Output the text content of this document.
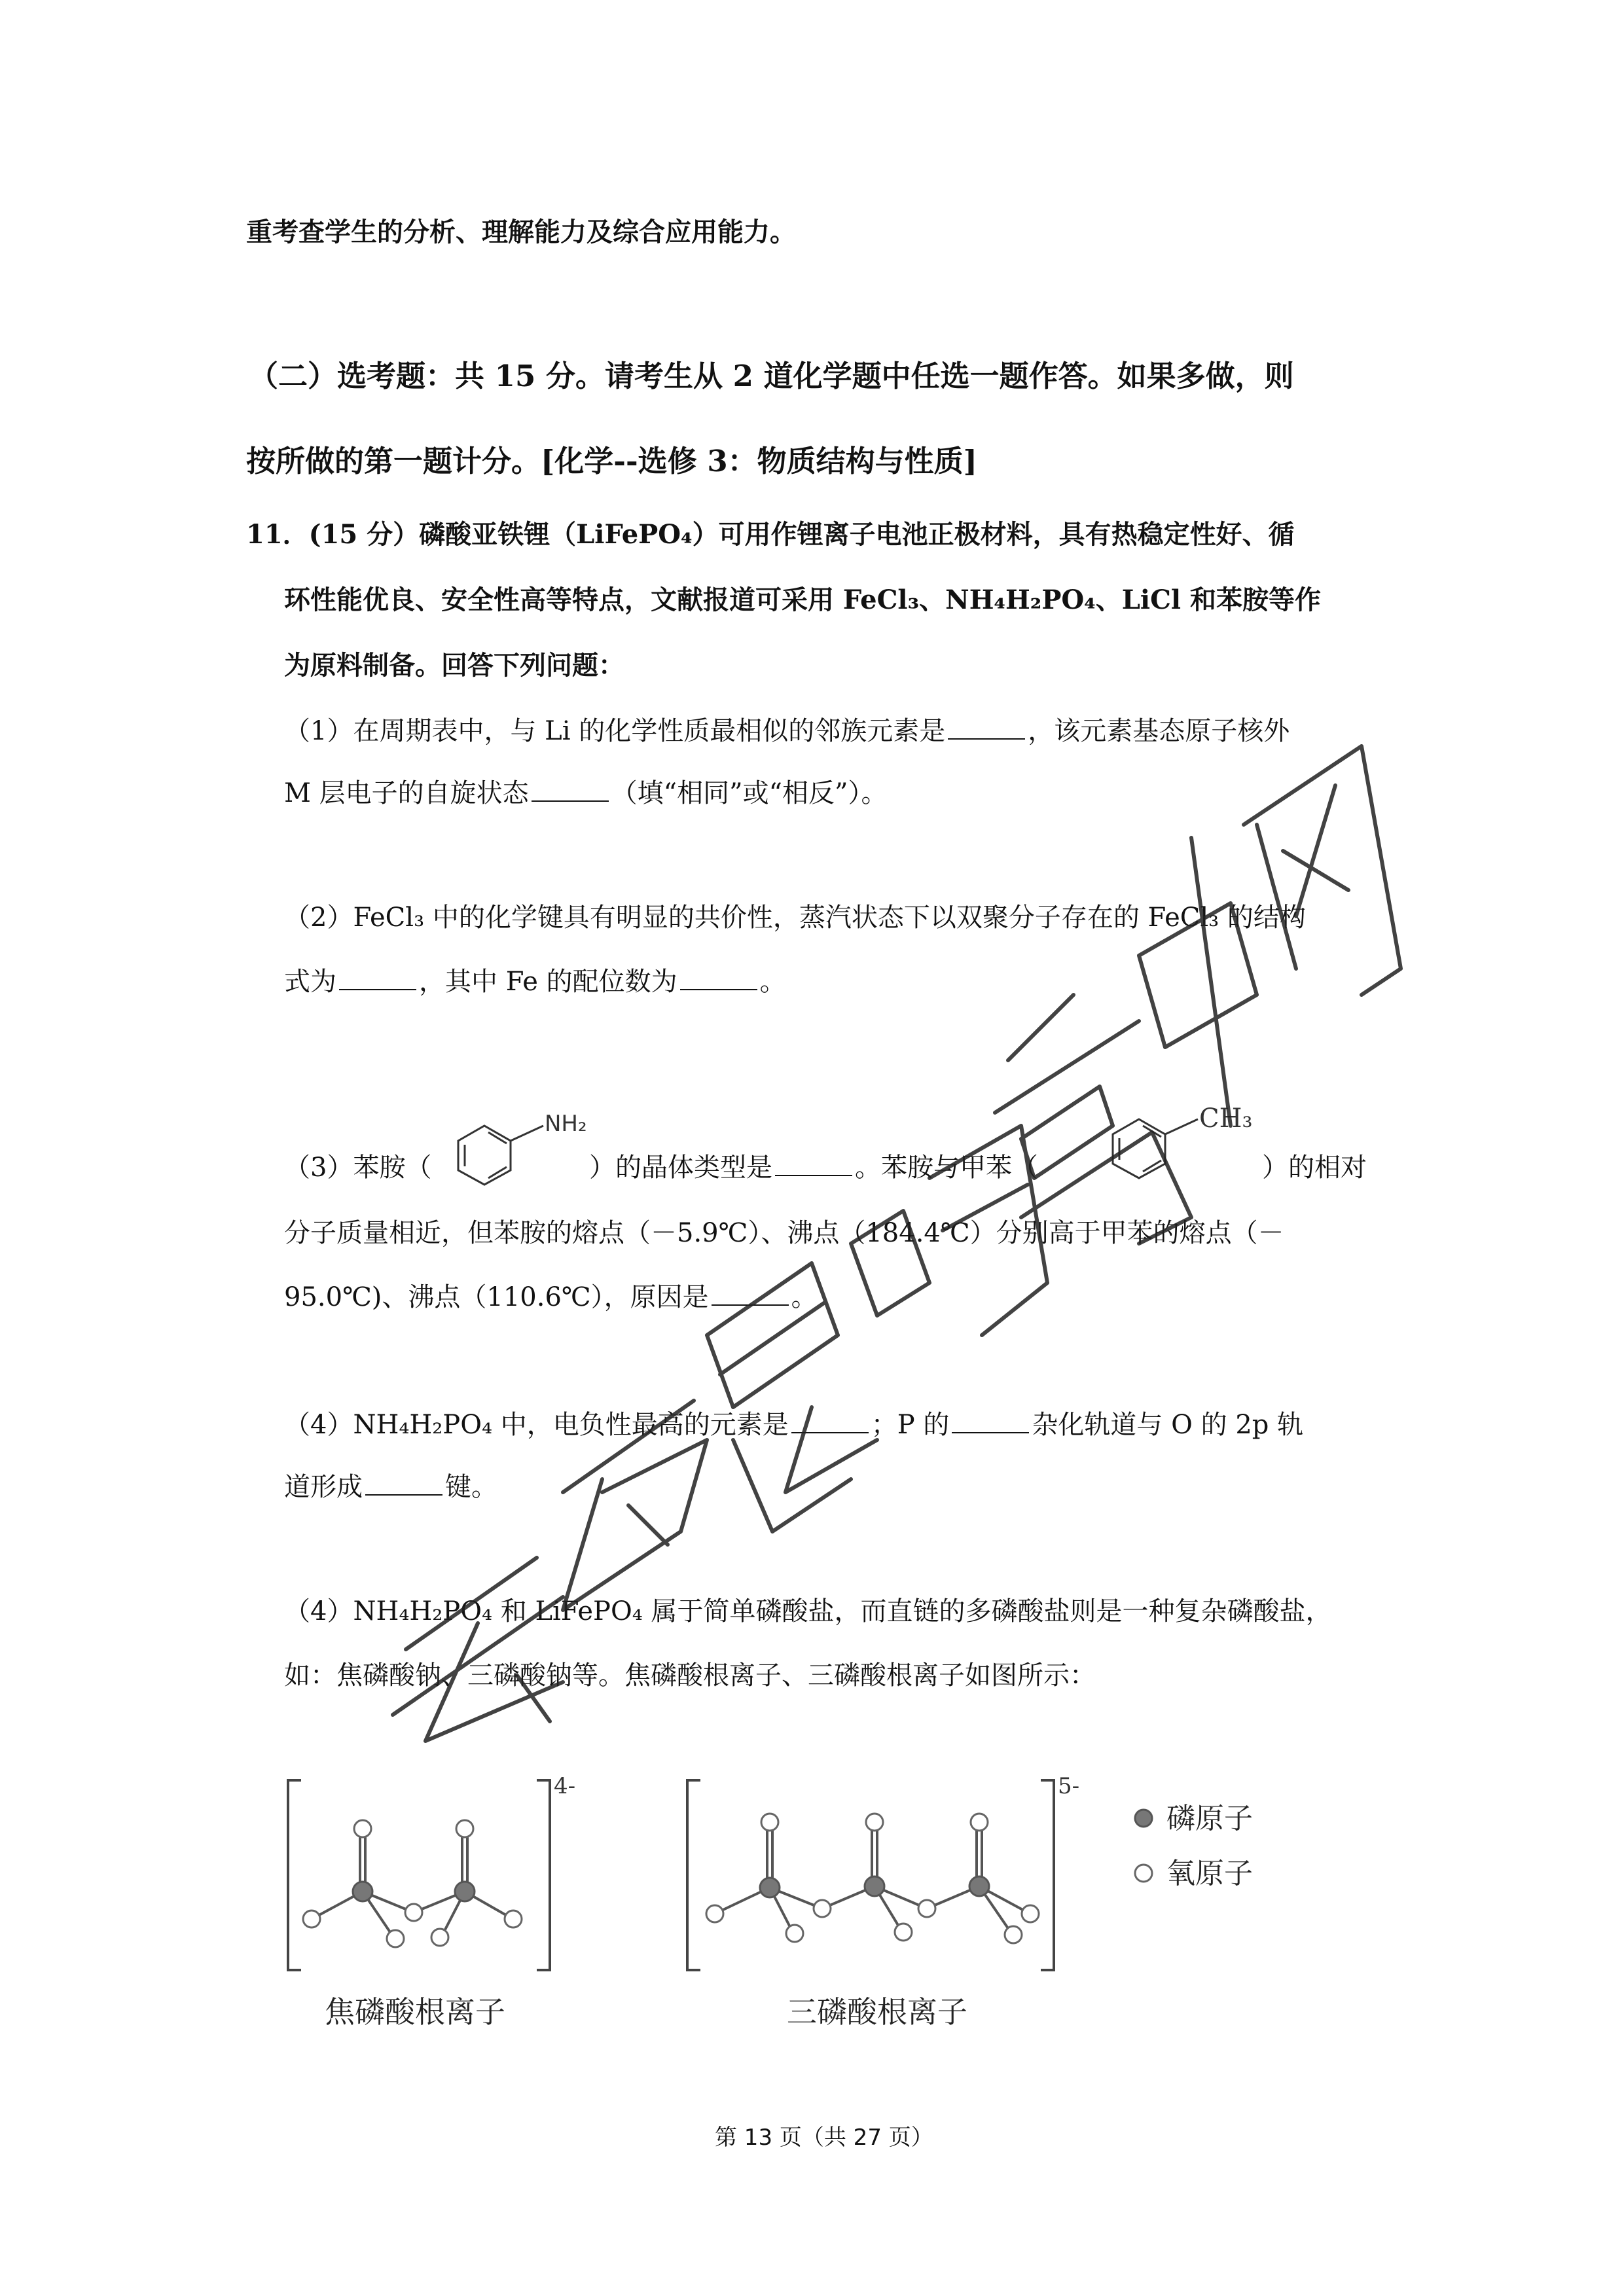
重考查学生的分析、理解能力及综合应用能力。
（二）选考题：共 15 分。请考生从 2 道化学题中任选一题作答。如果多做，则
按所做的第一题计分。[化学--选修 3：物质结构与性质]
11．(15 分）磷酸亚铁锂（LiFePO₄）可用作锂离子电池正极材料，具有热稳定性好、循
环性能优良、安全性高等特点，文献报道可采用 FeCl₃、NH₄H₂PO₄、LiCl 和苯胺等作
为原料制备。回答下列问题：
（1）在周期表中，与 Li 的化学性质最相似的邻族元素是	，该元素基态原子核外
M 层电子的自旋状态	（填“相同”或“相反”）。
（2）FeCl₃ 中的化学键具有明显的共价性，蒸汽状态下以双聚分子存在的 FeCl₃ 的结构
式为	，其中 Fe 的配位数为	。
（3）苯胺（
NH₂
）的晶体类型是	。苯胺与甲苯（
CH₃
）的相对
分子质量相近，但苯胺的熔点（－5.9℃）、沸点（184.4℃）分别高于甲苯的熔点（－
95.0℃)、沸点（110.6℃），原因是	。
（4）NH₄H₂PO₄ 中，电负性最高的元素是	；P 的	杂化轨道与 O 的 2p 轨
道形成	键。
（4）NH₄H₂PO₄ 和 LiFePO₄ 属于简单磷酸盐，而直链的多磷酸盐则是一种复杂磷酸盐，
如：焦磷酸钠、三磷酸钠等。焦磷酸根离子、三磷酸根离子如图所示：
4-	5-
磷原子
氧原子
焦磷酸根离子	三磷酸根离子
第 13 页（共 27 页）
